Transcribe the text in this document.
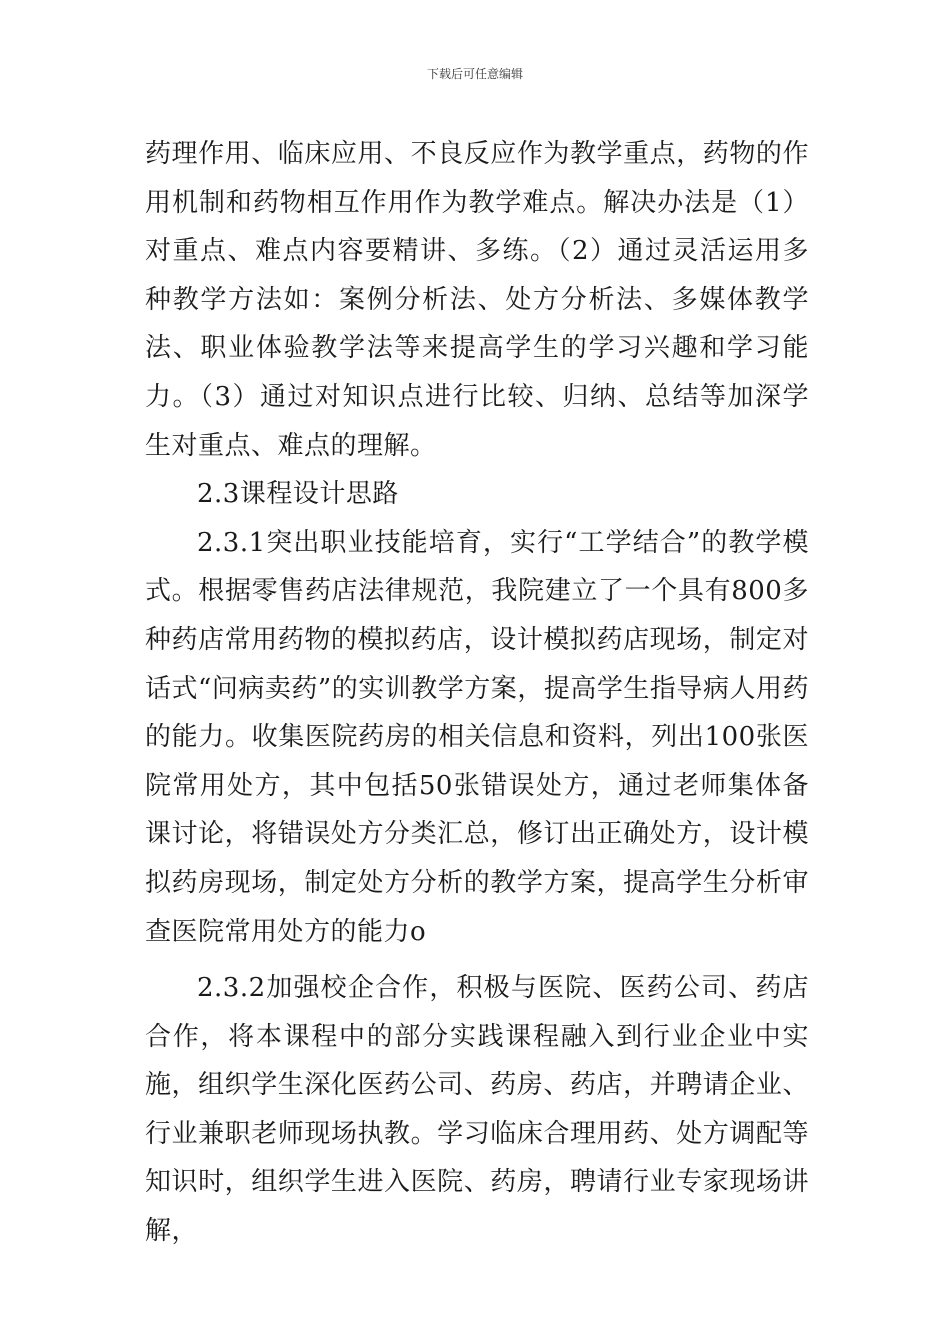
下载后可任意编辑

药理作用、临床应用、不良反应作为教学重点，药物的作用机制和药物相互作用作为教学难点。解决办法是（1）对重点、难点内容要精讲、多练。（2）通过灵活运用多种教学方法如：案例分析法、处方分析法、多媒体教学法、职业体验教学法等来提高学生的学习兴趣和学习能力。（3）通过对知识点进行比较、归纳、总结等加深学生对重点、难点的理解。

2.3课程设计思路

2.3.1突出职业技能培育，实行“工学结合”的教学模式。根据零售药店法律规范，我院建立了一个具有800多种药店常用药物的模拟药店，设计模拟药店现场，制定对话式“问病卖药”的实训教学方案，提高学生指导病人用药的能力。收集医院药房的相关信息和资料，列出100张医院常用处方，其中包括50张错误处方，通过老师集体备课讨论，将错误处方分类汇总，修订出正确处方，设计模拟药房现场，制定处方分析的教学方案，提高学生分析审查医院常用处方的能力o

2.3.2加强校企合作，积极与医院、医药公司、药店合作，将本课程中的部分实践课程融入到行业企业中实施，组织学生深化医药公司、药房、药店，并聘请企业、行业兼职老师现场执教。学习临床合理用药、处方调配等知识时，组织学生进入医院、药房，聘请行业专家现场讲解，
